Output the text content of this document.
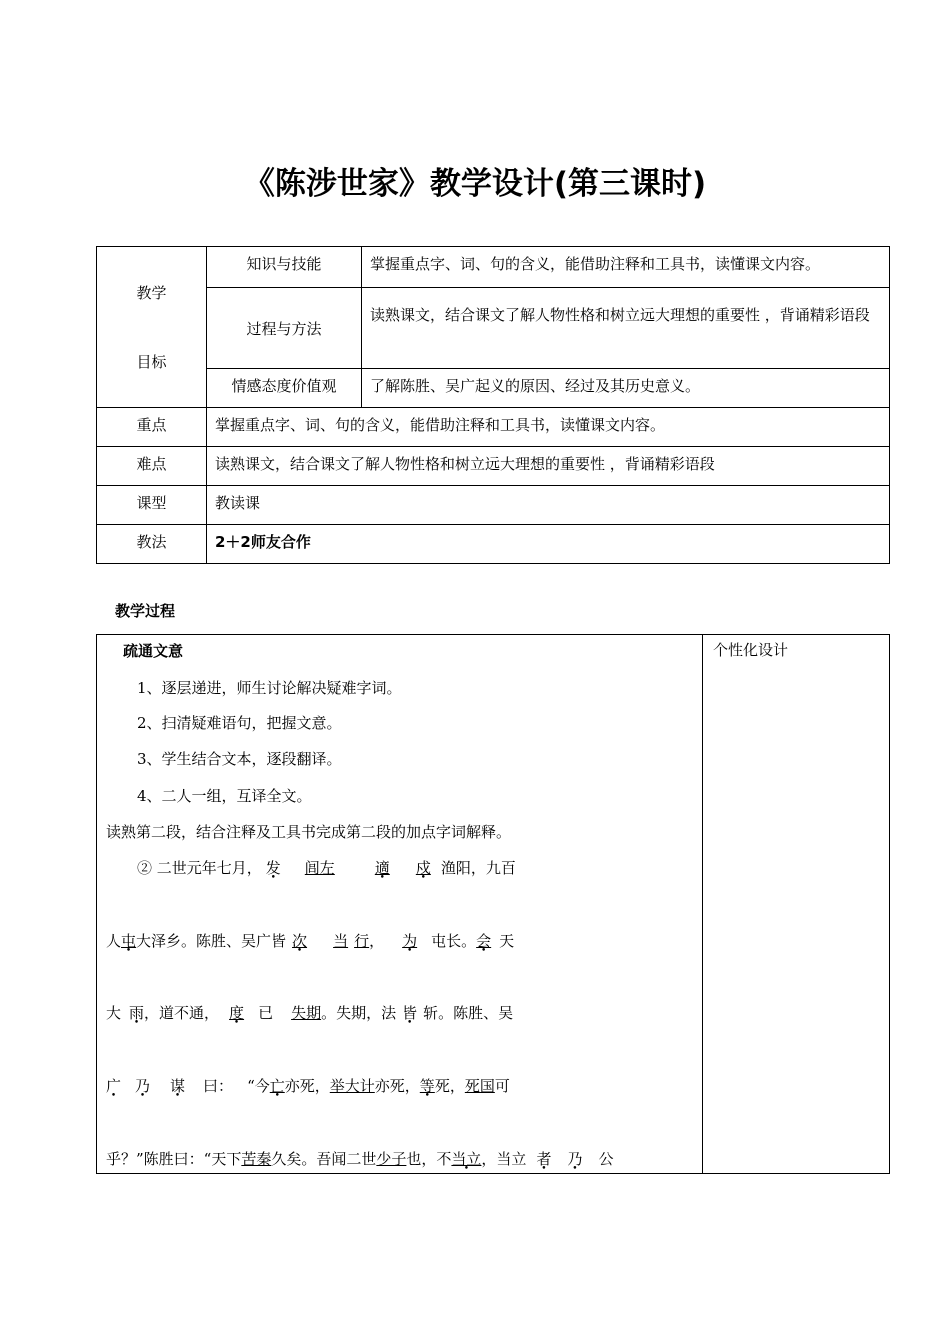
《陈涉世家》教学设计(第三课时)
教学
目标	知识与技能	掌握重点字、词、句的含义，能借助注释和工具书，读懂课文内容。
	过程与方法	读熟课文，结合课文了解人物性格和树立远大理想的重要性 ，背诵精彩语段
	情感态度价值观	了解陈胜、吴广起义的原因、经过及其历史意义。
重点	掌握重点字、词、句的含义，能借助注释和工具书，读懂课文内容。	
难点	读熟课文，结合课文了解人物性格和树立远大理想的重要性 ，背诵精彩语段	
课型	教读课	
教法	2＋2师友合作	
教学过程
疏通文意
1、逐层递进，师生讨论解决疑难字词。
2、扫清疑难语句，把握文意。
3、学生结合文本，逐段翻译。
4、二人一组，互译全文。
读熟第二段，结合注释及工具书完成第二段的加点字词解释。
② 二世元年七月， 发 闾左	適 戍 渔阳，九百
人屯大泽乡。陈胜、吴广皆 次 当 行， 为 屯长。会 天
大 雨，道不通， 度 已 失期。失期，法 皆 斩。陈胜、吴
广 乃 谋 曰： “今亡亦死，举大计亦死，等死，死国可
乎？”陈胜曰：“天下苦秦久矣。吾闻二世少子也，不当立，当立 者 乃 公

个性化设计
